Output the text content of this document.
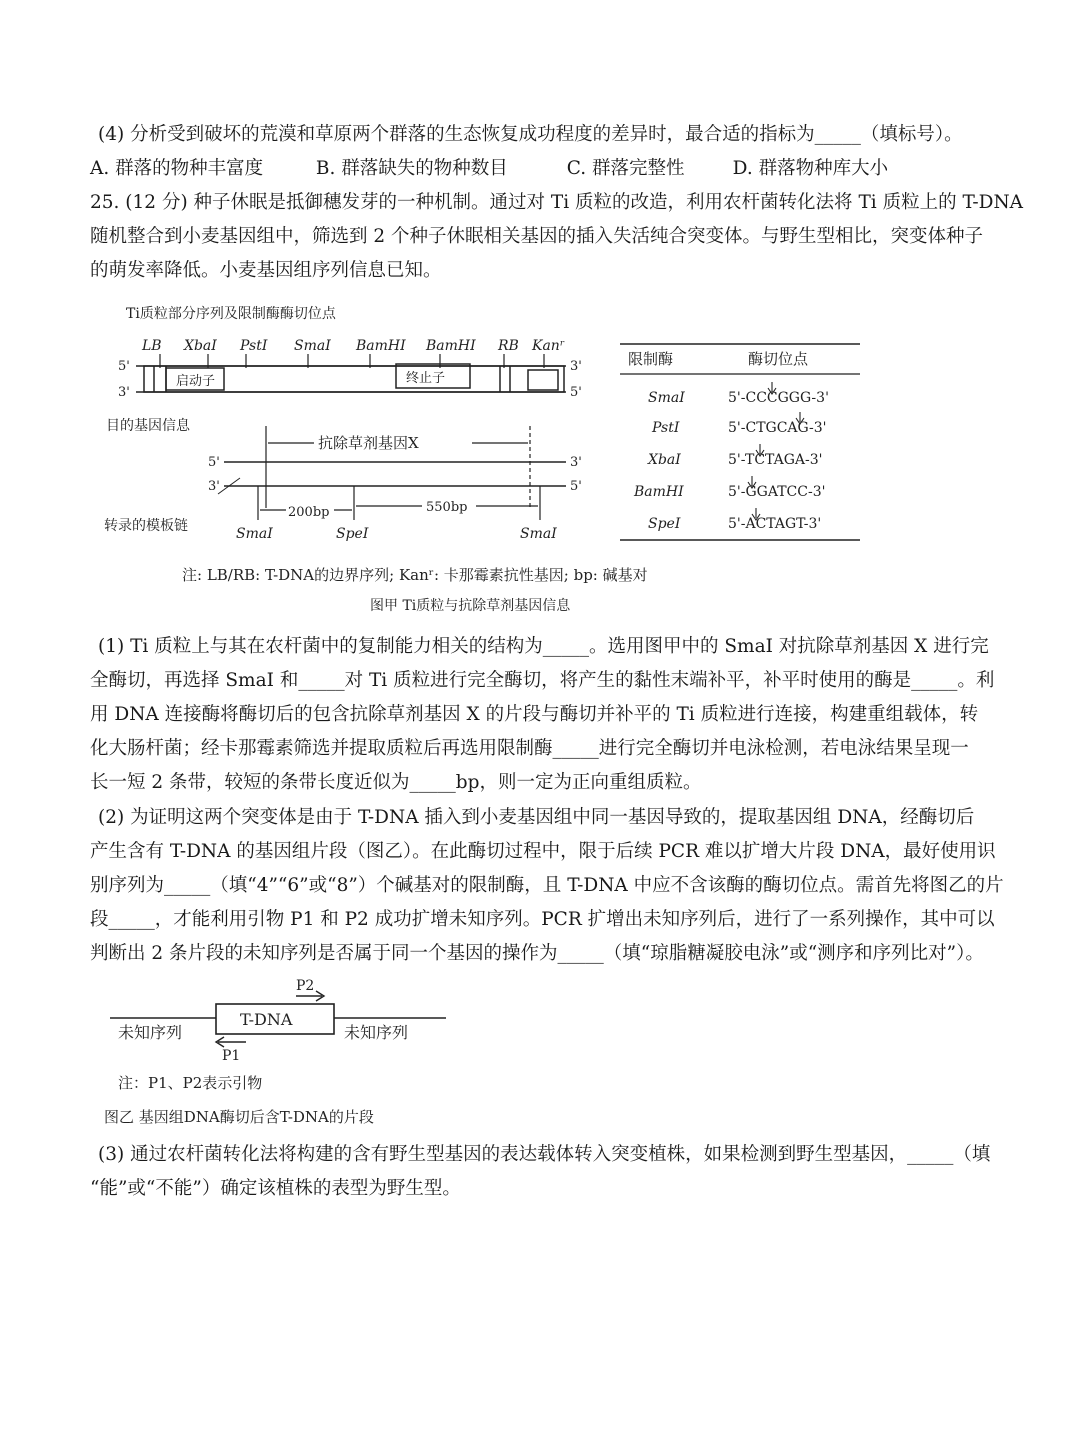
(4) 分析受到破坏的荒漠和草原两个群落的生态恢复成功程度的差异时，最合适的指标为_____（填标号）。
A. 群落的物种丰富度	B. 群落缺失的物种数目	C. 群落完整性	D. 群落物种库大小
25. (12 分) 种子休眠是抵御穗发芽的一种机制。通过对 Ti 质粒的改造，利用农杆菌转化法将 Ti 质粒上的 T-DNA
随机整合到小麦基因组中，筛选到 2 个种子休眠相关基因的插入失活纯合突变体。与野生型相比，突变体种子
的萌发率降低。小麦基因组序列信息已知。
Ti质粒部分序列及限制酶酶切位点
LB XbaⅠ PstⅠ SmaⅠ BamHⅠ BamHⅠ RB Kanʳ
5'
3'
启动子	终止子
3'
5'
目的基因信息
抗除草剂基因X
5'
3'
3'
5'
200bp	550bp
转录的模板链	SmaⅠ	SpeⅠ	SmaⅠ
限制酶	酶切位点
SmaⅠ	5'-CCCGGG-3'
PstⅠ	5'-CTGCAG-3'
XbaⅠ	5'-TCTAGA-3'
BamHⅠ	5'-GGATCC-3'
SpeⅠ	5'-ACTAGT-3'
注: LB/RB: T-DNA的边界序列; Kanʳ: 卡那霉素抗性基因; bp: 碱基对
图甲 Ti质粒与抗除草剂基因信息
(1) Ti 质粒上与其在农杆菌中的复制能力相关的结构为_____。选用图甲中的 SmaI 对抗除草剂基因 X 进行完
全酶切，再选择 SmaI 和_____对 Ti 质粒进行完全酶切，将产生的黏性末端补平，补平时使用的酶是_____。利
用 DNA 连接酶将酶切后的包含抗除草剂基因 X 的片段与酶切并补平的 Ti 质粒进行连接，构建重组载体，转
化大肠杆菌；经卡那霉素筛选并提取质粒后再选用限制酶_____进行完全酶切并电泳检测，若电泳结果呈现一
长一短 2 条带，较短的条带长度近似为_____bp，则一定为正向重组质粒。
(2) 为证明这两个突变体是由于 T-DNA 插入到小麦基因组中同一基因导致的，提取基因组 DNA，经酶切后
产生含有 T-DNA 的基因组片段（图乙）。在此酶切过程中，限于后续 PCR 难以扩增大片段 DNA，最好使用识
别序列为_____（填“4”“6”或“8”）个碱基对的限制酶，且 T-DNA 中应不含该酶的酶切位点。需首先将图乙的片
段_____，才能利用引物 P1 和 P2 成功扩增未知序列。PCR 扩增出未知序列后，进行了一系列操作，其中可以
判断出 2 条片段的未知序列是否属于同一个基因的操作为_____（填“琼脂糖凝胶电泳”或“测序和序列比对”）。
未知序列
T-DNA
未知序列
P2
P1
注：P1、P2表示引物
图乙 基因组DNA酶切后含T-DNA的片段
(3) 通过农杆菌转化法将构建的含有野生型基因的表达载体转入突变植株，如果检测到野生型基因，_____（填
“能”或“不能”）确定该植株的表型为野生型。
